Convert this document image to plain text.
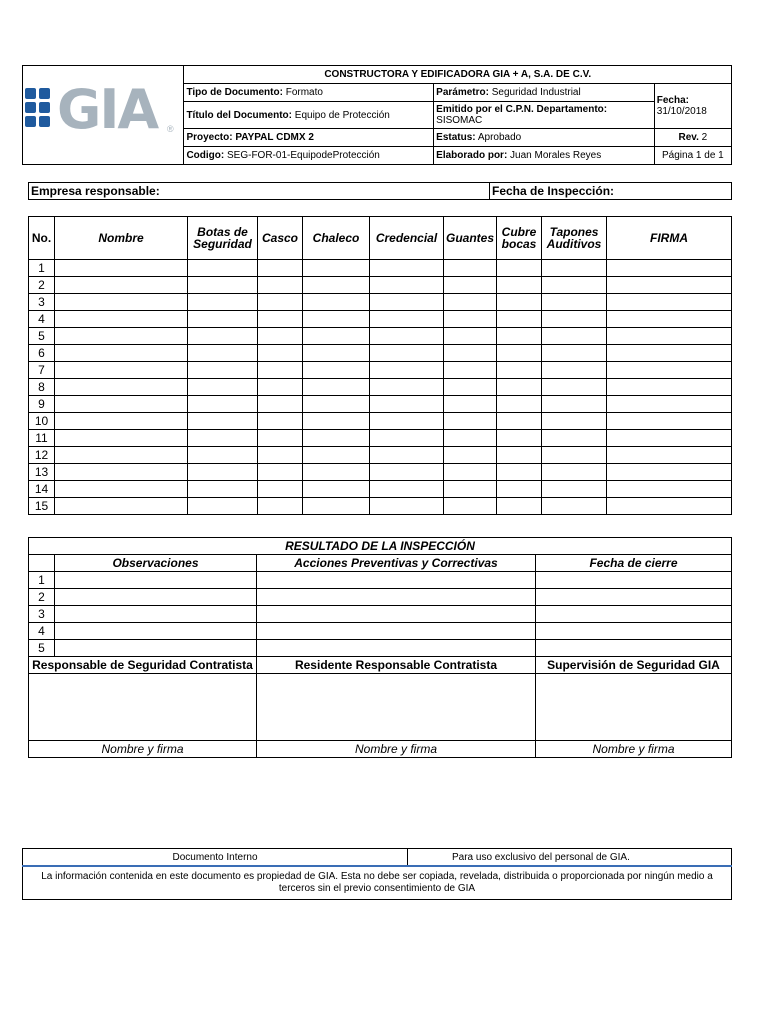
GIA ®	CONSTRUCTORA Y EDIFICADORA GIA + A, S.A. DE C.V.		
	Tipo de Documento: Formato	Parámetro: Seguridad Industrial	Fecha:
31/10/2018
	Título del Documento: Equipo de Protección	Emitido por el C.P.N. Departamento:
SISOMAC	
	Proyecto: PAYPAL CDMX 2	Estatus: Aprobado	Rev. 2
	Codigo: SEG-FOR-01-EquipodeProtección	Elaborado por: Juan Morales Reyes	Página 1 de 1
Empresa responsable:	Fecha de Inspección:
No.	Nombre	Botas de Seguridad	Casco	Chaleco	Credencial	Guantes	Cubre bocas	Tapones Auditivos	FIRMA
1									
2									
3									
4									
5									
6									
7									
8									
9									
10									
11									
12									
13									
14									
15									
RESULTADO DE LA INSPECCIÓN			
	Observaciones	Acciones Preventivas y Correctivas	Fecha de cierre
1			
2			
3			
4			
5			
Responsable de Seguridad Contratista		Residente Responsable Contratista	Supervisión de Seguridad GIA

Nombre y firma		Nombre y firma	Nombre y firma
Documento Interno	Para uso exclusivo del personal de GIA.
La información contenida en este documento es propiedad de GIA. Esta no debe ser copiada, revelada, distribuida o proporcionada por ningún medio a terceros sin el previo consentimiento de GIA
